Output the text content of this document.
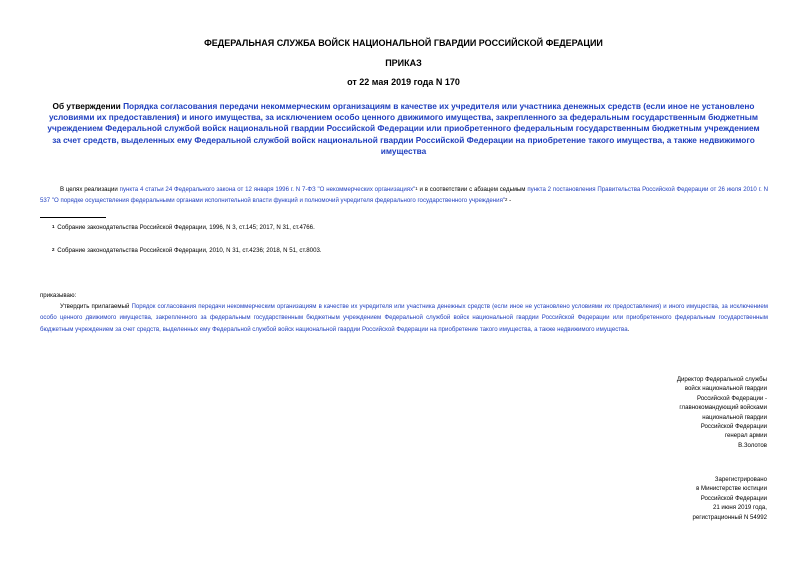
ФЕДЕРАЛЬНАЯ СЛУЖБА ВОЙСК НАЦИОНАЛЬНОЙ ГВАРДИИ РОССИЙСКОЙ ФЕДЕРАЦИИ
ПРИКАЗ
от 22 мая 2019 года N 170
Об утверждении Порядка согласования передачи некоммерческим организациям в качестве их учредителя или участника денежных средств (если иное не установлено условиями их предоставления) и иного имущества, за исключением особо ценного движимого имущества, закрепленного за федеральным государственным бюджетным учреждением Федеральной службой войск национальной гвардии Российской Федерации или приобретенного федеральным государственным бюджетным учреждением за счет средств, выделенных ему Федеральной службой войск национальной гвардии Российской Федерации на приобретение такого имущества, а также недвижимого имущества
В целях реализации пункта 4 статьи 24 Федерального закона от 12 января 1996 г. N 7-ФЗ "О некоммерческих организациях"$^1$ и в соответствии с абзацем седьмым пункта 2 постановления Правительства Российской Федерации от 26 июля 2010 г. N 537 "О порядке осуществления федеральными органами исполнительной власти функций и полномочий учредителя федерального государственного учреждения"$^2$ -
$^1$ Собрание законодательства Российской Федерации, 1996, N 3, ст.145; 2017, N 31, ст.4766.
$^2$ Собрание законодательства Российской Федерации, 2010, N 31, ст.4236; 2018, N 51, ст.8003.
приказываю:
Утвердить прилагаемый Порядок согласования передачи некоммерческим организациям в качестве их учредителя или участника денежных средств (если иное не установлено условиями их предоставления) и иного имущества, за исключением особо ценного движимого имущества, закрепленного за федеральным государственным бюджетным учреждением Федеральной службой войск национальной гвардии Российской Федерации или приобретенного федеральным государственным бюджетным учреждением за счет средств, выделенных ему Федеральной службой войск национальной гвардии Российской Федерации на приобретение такого имущества, а также недвижимого имущества.
Директор Федеральной службы
войск национальной гвардии
Российской Федерации -
главнокомандующий войсками
национальной гвардии
Российской Федерации
генерал армии
В.Золотов
Зарегистрировано
в Министерстве юстиции
Российской Федерации
21 июня 2019 года,
регистрационный N 54992
